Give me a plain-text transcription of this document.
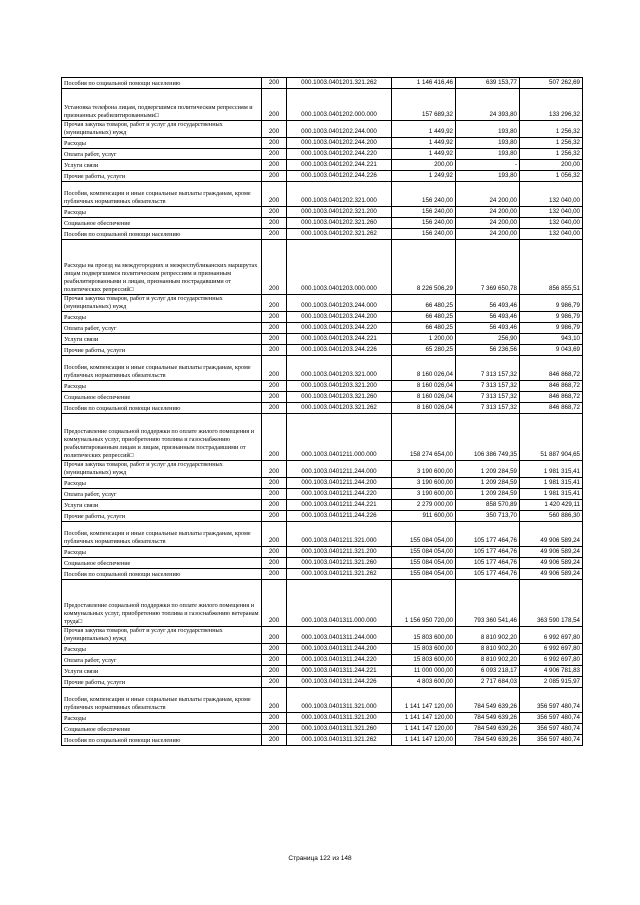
Пособия по социальной помощи населению	200	000.1003.0401201.321.262	1 146 416,46	639 153,77	507 262,69
Установка телефона лицам, подвергшимся политическим репрессиям и признанных реабилитированными□	200	000.1003.0401202.000.000	157 689,32	24 393,80	133 296,32
Прочая закупка товаров, работ и услуг для государственных (муниципальных) нужд	200	000.1003.0401202.244.000	1 449,92	193,80	1 256,32
Расходы	200	000.1003.0401202.244.200	1 449,92	193,80	1 256,32
Оплата работ, услуг	200	000.1003.0401202.244.220	1 449,92	193,80	1 256,32
Услуги связи	200	000.1003.0401202.244.221	200,00	-	200,00
Прочие работы, услуги	200	000.1003.0401202.244.226	1 249,92	193,80	1 056,32
Пособия, компенсации и иные социальные выплаты гражданам, кроме публичных нормативных обязательств	200	000.1003.0401202.321.000	156 240,00	24 200,00	132 040,00
Расходы	200	000.1003.0401202.321.200	156 240,00	24 200,00	132 040,00
Социальное обеспечение	200	000.1003.0401202.321.260	156 240,00	24 200,00	132 040,00
Пособия по социальной помощи населению	200	000.1003.0401202.321.262	156 240,00	24 200,00	132 040,00
Расходы на проезд на междугородних и межреспубликанских маршрутах лицам подвергшимся политическим репрессиям и признанным реабилитированными и лицам, признанным пострадавшими от политических репрессий□	200	000.1003.0401203.000.000	8 226 506,29	7 369 650,78	856 855,51
Прочая закупка товаров, работ и услуг для государственных (муниципальных) нужд	200	000.1003.0401203.244.000	66 480,25	56 493,46	9 986,79
Расходы	200	000.1003.0401203.244.200	66 480,25	56 493,46	9 986,79
Оплата работ, услуг	200	000.1003.0401203.244.220	66 480,25	56 493,46	9 986,79
Услуги связи	200	000.1003.0401203.244.221	1 200,00	256,90	943,10
Прочие работы, услуги	200	000.1003.0401203.244.226	65 280,25	56 236,56	9 043,69
Пособия, компенсации и иные социальные выплаты гражданам, кроме публичных нормативных обязательств	200	000.1003.0401203.321.000	8 160 026,04	7 313 157,32	846 868,72
Расходы	200	000.1003.0401203.321.200	8 160 026,04	7 313 157,32	846 868,72
Социальное обеспечение	200	000.1003.0401203.321.260	8 160 026,04	7 313 157,32	846 868,72
Пособия по социальной помощи населению	200	000.1003.0401203.321.262	8 160 026,04	7 313 157,32	846 868,72
Предоставление социальной поддержки по оплате жилого помещения и коммунальных услуг, приобретению топлива и газоснабжению реабилитированным лицам и лицам, признанным пострадавшими от политических репрессий□	200	000.1003.0401211.000.000	158 274 654,00	106 386 749,35	51 887 904,65
Прочая закупка товаров, работ и услуг для государственных (муниципальных) нужд	200	000.1003.0401211.244.000	3 190 600,00	1 209 284,59	1 981 315,41
Расходы	200	000.1003.0401211.244.200	3 190 600,00	1 209 284,59	1 981 315,41
Оплата работ, услуг	200	000.1003.0401211.244.220	3 190 600,00	1 209 284,59	1 981 315,41
Услуги связи	200	000.1003.0401211.244.221	2 279 000,00	858 570,89	1 420 429,11
Прочие работы, услуги	200	000.1003.0401211.244.226	911 600,00	350 713,70	560 886,30
Пособия, компенсации и иные социальные выплаты гражданам, кроме публичных нормативных обязательств	200	000.1003.0401211.321.000	155 084 054,00	105 177 464,76	49 906 589,24
Расходы	200	000.1003.0401211.321.200	155 084 054,00	105 177 464,76	49 906 589,24
Социальное обеспечение	200	000.1003.0401211.321.260	155 084 054,00	105 177 464,76	49 906 589,24
Пособия по социальной помощи населению	200	000.1003.0401211.321.262	155 084 054,00	105 177 464,76	49 906 589,24
Предоставление социальной поддержки по оплате жилого помещения и коммунальных услуг, приобретению топлива и газоснабжению ветеранам труда□	200	000.1003.0401311.000.000	1 156 950 720,00	793 360 541,46	363 590 178,54
Прочая закупка товаров, работ и услуг для государственных (муниципальных) нужд	200	000.1003.0401311.244.000	15 803 600,00	8 810 902,20	6 992 697,80
Расходы	200	000.1003.0401311.244.200	15 803 600,00	8 810 902,20	6 992 697,80
Оплата работ, услуг	200	000.1003.0401311.244.220	15 803 600,00	8 810 902,20	6 992 697,80
Услуги связи	200	000.1003.0401311.244.221	11 000 000,00	6 093 218,17	4 906 781,83
Прочие работы, услуги	200	000.1003.0401311.244.226	4 803 600,00	2 717 684,03	2 085 915,97
Пособия, компенсации и иные социальные выплаты гражданам, кроме публичных нормативных обязательств	200	000.1003.0401311.321.000	1 141 147 120,00	784 549 639,26	356 597 480,74
Расходы	200	000.1003.0401311.321.200	1 141 147 120,00	784 549 639,26	356 597 480,74
Социальное обеспечение	200	000.1003.0401311.321.260	1 141 147 120,00	784 549 639,26	356 597 480,74
Пособия по социальной помощи населению	200	000.1003.0401311.321.262	1 141 147 120,00	784 549 639,26	356 597 480,74
Страница 122 из 148
